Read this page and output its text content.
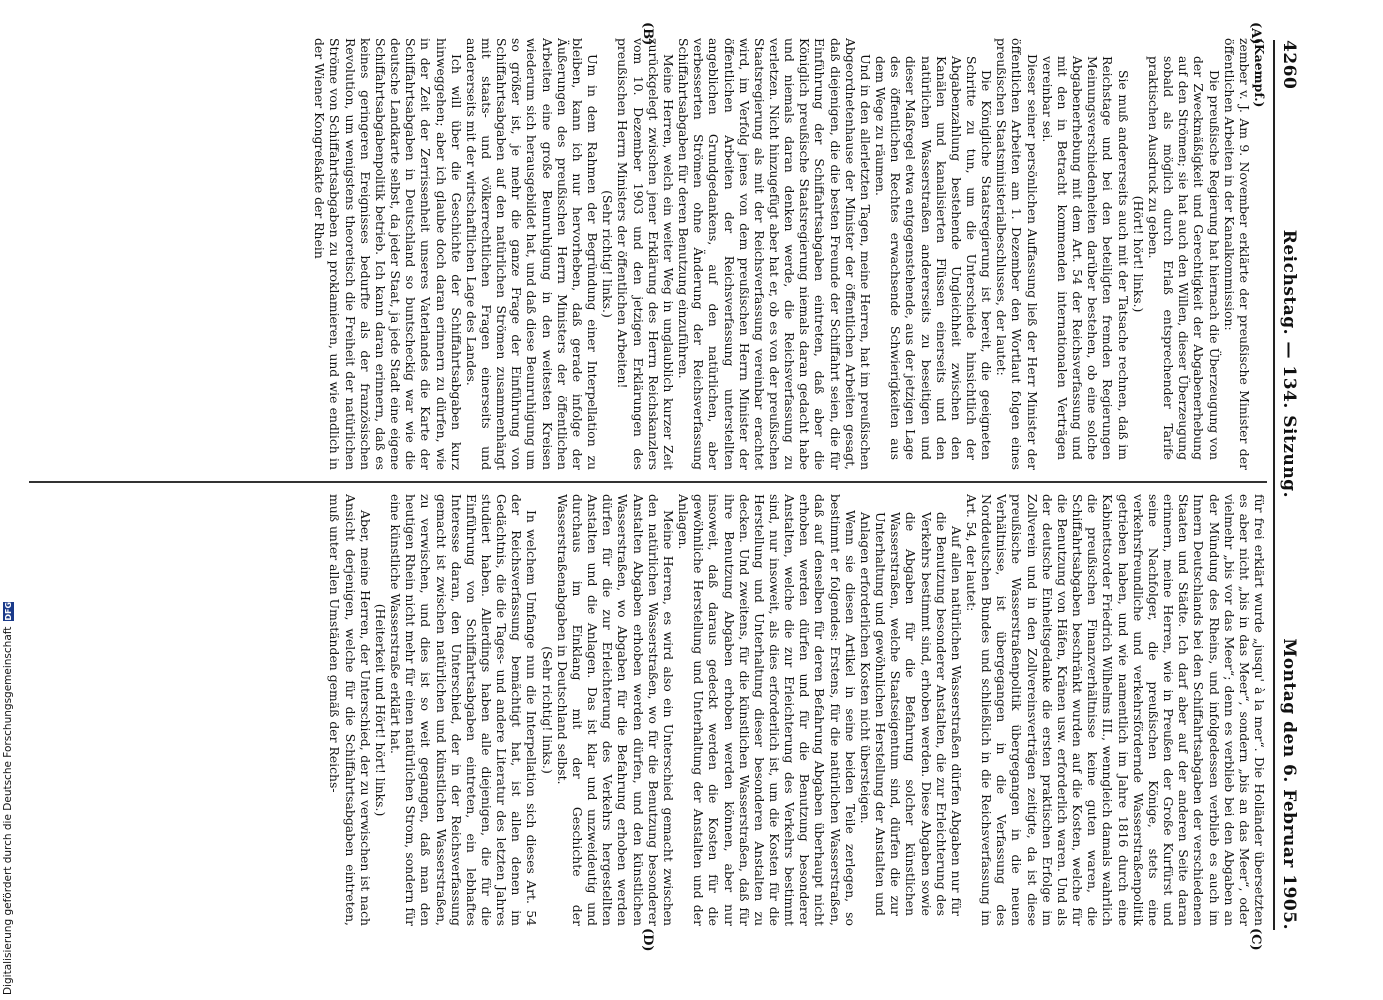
4260
Reichstag. — 134. Sitzung.
Montag den 6. Februar 1905.

(Kaempf.)

zember v. J. Am 9. November erklärte der preußische Minister der öffentlichen Arbeiten in der Kanalkommission:

Die preußische Regierung hat hiernach die Überzeugung von der Zweckmäßigkeit und Gerechtigkeit der Abgabenerhebung auf den Strömen; sie hat auch den Willen, dieser Überzeugung sobald als möglich durch Erlaß entsprechender Tarife praktischen Ausdruck zu geben.

(Hört! hört! links.)

Sie muß andererseits auch mit der Tatsache rechnen, daß im Reichstage und bei den beteiligten fremden Regierungen Meinungsverschiedenheiten darüber bestehen, ob eine solche Abgabenerhebung mit dem Art. 54 der Reichsverfassung und mit den in Betracht kommenden internationalen Verträgen vereinbar sei.

Dieser seiner persönlichen Auffassung ließ der Herr Minister der öffentlichen Arbeiten am 1. Dezember den Wortlaut folgen eines preußischen Staatsministerialbeschlusses, der lautet:

Die Königliche Staatsregierung ist bereit, die geeigneten Schritte zu tun, um die Unterschiede hinsichtlich der Abgabenzahlung bestehende Ungleichheit zwischen den Kanälen und kanalisierten Flüssen einerseits und den natürlichen Wasserstraßen andererseits zu beseitigen und dieser Maßregel etwa entgegenstehende, aus der jetzigen Lage des öffentlichen Rechtes erwachsende Schwierigkeiten aus dem Wege zu räumen.

Und in den allerletzten Tagen, meine Herren, hat im preußischen Abgeordnetenhause der Minister der öffentlichen Arbeiten gesagt, daß diejenigen, die die besten Freunde der Schiffahrt seien, die für Einführung der Schiffahrtsabgaben eintreten, daß aber die Königlich preußische Staatsregierung niemals daran gedacht habe und niemals daran denken werde, die Reichsverfassung zu verletzen. Nicht hinzugefügt aber hat er, ob es von der preußischen Staatsregierung als mit der Reichsverfassung vereinbar erachtet wird, im Verfolg jenes von dem preußischen Herrn Minister der öffentlichen Arbeiten der Reichsverfassung unterstellten angeblichen Grundgedankens, auf den natürlichen, aber verbesserten Strömen ohne Änderung der Reichsverfassung Schiffahrtsabgaben für deren Benutzung einzuführen.

Meine Herren, welch ein weiter Weg in unglaublich kurzer Zeit zurückgelegt zwischen jener Erklärung des Herrn Reichskanzlers vom 10. Dezember 1903 und den jetzigen Erklärungen des preußischen Herrn Ministers der öffentlichen Arbeiten!

(Sehr richtig! links.)

Um in dem Rahmen der Begründung einer Interpellation zu bleiben, kann ich nur hervorheben, daß gerade infolge der Äußerungen des preußischen Herrn Ministers der öffentlichen Arbeiten eine große Beunruhigung in den weitesten Kreisen wiederum sich herausgebildet hat, und daß diese Beunruhigung um so größer ist, je mehr die ganze Frage der Einführung von Schiffahrtsabgaben auf den natürlichen Strömen zusammenhängt mit staats- und völkerrechtlichen Fragen einerseits und andererseits mit der wirtschaftlichen Lage des Landes.

Ich will über die Geschichte der Schiffahrtsabgaben kurz hinweggehen; aber ich glaube doch daran erinnern zu dürfen, wie in der Zeit der Zerrissenheit unseres Vaterlandes die Karte der Schiffahrtsabgaben in Deutschland so buntscheckig war wie die deutsche Landkarte selbst, da jeder Staat, ja jede Stadt eine eigene Schiffahrtsabgabenpolitik betrieb. Ich kann daran erinnern, daß es keines geringeren Ereignisses bedurfte als der französischen Revolution, um wenigstens theoretisch die Freiheit der natürlichen Ströme von Schiffahrtsabgaben zu proklamieren, und wie endlich in der Wiener Kongreßakte der Rhein

für frei erklärt wurde „jusqu' à la mer“. Die Holländer übersetzten es aber nicht „bis in das Meer“, sondern „bis an das Meer“, oder vielmehr „bis vor das Meer“; denn es verblieb bei den Abgaben an der Mündung des Rheins, und infolgedessen verblieb es auch im Innern Deutschlands bei den Schiffahrtsabgaben der verschiedenen Staaten und Städte. Ich darf aber auf der anderen Seite daran erinnern, meine Herren, wie in Preußen der Große Kurfürst und seine Nachfolger, die preußischen Könige, stets eine verkehrsfreundliche und verkehrsfördernde Wasserstraßenpolitik getrieben haben, und wie namentlich im Jahre 1816 durch eine Kabinettsorder Friedrich Wilhelms III., wenngleich damals wahrlich die preußischen Finanzverhältnisse keine guten waren, die Schiffahrtsabgaben beschränkt wurden auf die Kosten, welche für die Benutzung von Häfen, Kränen usw. erforderlich waren. Und als der deutsche Einheitsgedanke die ersten praktischen Erfolge im Zollverein und in den Zollvereinsverträgen zeitigte, da ist diese preußische Wasserstraßenpolitik übergegangen in die neuen Verhältnisse, ist übergegangen in die Verfassung des Norddeutschen Bundes und schließlich in die Reichsverfassung im Art. 54, der lautet:

Auf allen natürlichen Wasserstraßen dürfen Abgaben nur für die Benutzung besonderer Anstalten, die zur Erleichterung des Verkehrs bestimmt sind, erhoben werden. Diese Abgaben sowie die Abgaben für die Befahrung solcher künstlichen Wasserstraßen, welche Staatseigentum sind, dürfen die zur Unterhaltung und gewöhnlichen Herstellung der Anstalten und Anlagen erforderlichen Kosten nicht übersteigen.

Wenn sie diesen Artikel in seine beiden Teile zerlegen, so bestimmt er folgendes: Erstens, für die natürlichen Wasserstraßen, daß auf denselben für deren Befahrung Abgaben überhaupt nicht erhoben werden dürfen und für die Benutzung besonderer Anstalten, welche die zur Erleichterung des Verkehrs bestimmt sind, nur insoweit, als dies erforderlich ist, um die Kosten für die Herstellung und Unterhaltung dieser besonderen Anstalten zu decken. Und zweitens, für die künstlichen Wasserstraßen, daß für ihre Benutzung Abgaben erhoben werden können, aber nur insoweit, daß daraus gedeckt werden die Kosten für die gewöhnliche Herstellung und Unterhaltung der Anstalten und der Anlagen.

Meine Herren, es wird also ein Unterschied gemacht zwischen den natürlichen Wasserstraßen, wo für die Benutzung besonderer Anstalten Abgaben erhoben werden dürfen, und den künstlichen Wasserstraßen, wo Abgaben für die Befahrung erhoben werden dürfen für die zur Erleichterung des Verkehrs hergestellten Anstalten und die Anlagen. Das ist klar und unzweideutig und durchaus im Einklang mit der Geschichte der Wasserstraßenabgaben in Deutschland selbst.

(Sehr richtig! links.)

In welchem Umfange nun die Interpellation sich dieses Art. 54 der Reichsverfassung bemächtigt hat, ist allen denen im Gedächtnis, die die Tages- und andere Literatur des letzten Jahres studiert haben. Allerdings haben alle diejenigen, die für die Einführung von Schiffahrtsabgaben eintreten, ein lebhaftes Interesse daran, den Unterschied, der in der Reichsverfassung gemacht ist zwischen natürlichen und künstlichen Wasserstraßen, zu verwischen, und dies ist so weit gegangen, daß man den heutigen Rhein nicht mehr für einen natürlichen Strom, sondern für eine künstliche Wasserstraße erklärt hat.

(Heiterkeit und Hört! hört! links.)

Aber, meine Herren, der Unterschied, der zu verwischen ist nach Ansicht derjenigen, welche für die Schiffahrtsabgaben eintreten, muß unter allen Umständen gemäß der Reichs-

(A)
(B)
(C)
(D)
Digitalisierung gefördert durch die Deutsche Forschungsgemeinschaft
DFG
